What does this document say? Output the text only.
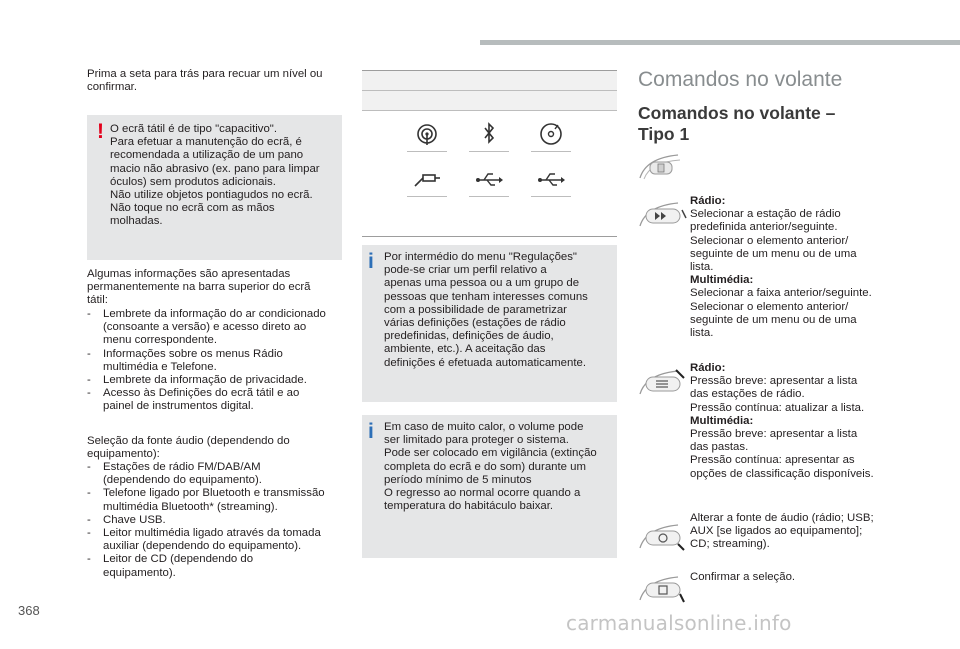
Prima a seta para trás para recuar um nível ou
confirmar.
! O ecrã tátil é de tipo "capacitivo".
Para efetuar a manutenção do ecrã, é
recomendada a utilização de um pano
macio não abrasivo (ex. pano para limpar
óculos) sem produtos adicionais.
Não utilize objetos pontiagudos no ecrã.
Não toque no ecrã com as mãos
molhadas.
Algumas informações são apresentadas
permanentemente na barra superior do ecrã
tátil:
- Lembrete da informação do ar condicionado
(consoante a versão) e acesso direto ao
menu correspondente.
- Informações sobre os menus Rádio
multimédia e Telefone.
- Lembrete da informação de privacidade.
- Acesso às Definições do ecrã tátil e ao
painel de instrumentos digital.
Seleção da fonte áudio (dependendo do
equipamento):
- Estações de rádio FM/DAB/AM
(dependendo do equipamento).
- Telefone ligado por Bluetooth e transmissão
multimédia Bluetooth* (streaming).
- Chave USB.
- Leitor multimédia ligado através da tomada
auxiliar (dependendo do equipamento).
- Leitor de CD (dependendo do
equipamento).
i Por intermédio do menu "Regulações"
pode-se criar um perfil relativo a
apenas uma pessoa ou a um grupo de
pessoas que tenham interesses comuns
com a possibilidade de parametrizar
várias definições (estações de rádio
predefinidas, definições de áudio,
ambiente, etc.). A aceitação das
definições é efetuada automaticamente.
i Em caso de muito calor, o volume pode
ser limitado para proteger o sistema.
Pode ser colocado em vigilância (extinção
completa do ecrã e do som) durante um
período mínimo de 5 minutos
O regresso ao normal ocorre quando a
temperatura do habitáculo baixar.
Comandos no volante
Comandos no volante –
Tipo 1
Rádio:
Selecionar a estação de rádio
predefinida anterior/seguinte.
Selecionar o elemento anterior/
seguinte de um menu ou de uma
lista.
Multimédia:
Selecionar a faixa anterior/seguinte.
Selecionar o elemento anterior/
seguinte de um menu ou de uma
lista.
Rádio:
Pressão breve: apresentar a lista
das estações de rádio.
Pressão contínua: atualizar a lista.
Multimédia:
Pressão breve: apresentar a lista
das pastas.
Pressão contínua: apresentar as
opções de classificação disponíveis.
Alterar a fonte de áudio (rádio; USB;
AUX [se ligados ao equipamento];
CD; streaming).
Confirmar a seleção.
368
carmanualsonline.info
